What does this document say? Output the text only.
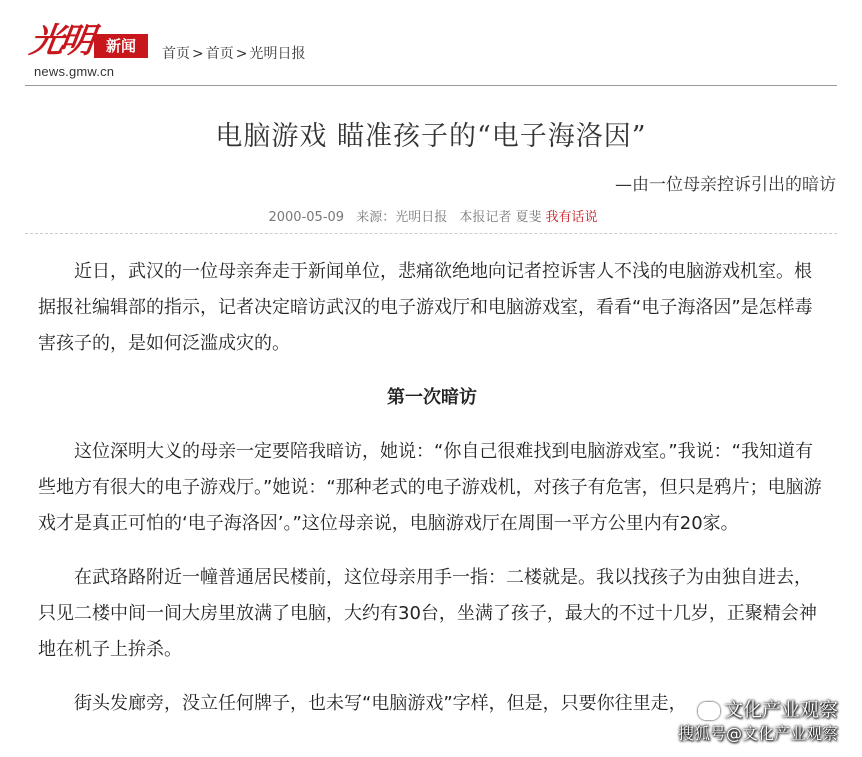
光明 新闻
news.gmw.cn
首页 > 首页 > 光明日报
电脑游戏 瞄准孩子的“电子海洛因”
—由一位母亲控诉引出的暗访
2000-05-09 来源：光明日报 本报记者 夏斐 我有话说

近日，武汉的一位母亲奔走于新闻单位，悲痛欲绝地向记者控诉害人不浅的电脑游戏机室。根据报社编辑部的指示，记者决定暗访武汉的电子游戏厅和电脑游戏室，看看“电子海洛因”是怎样毒害孩子的，是如何泛滥成灾的。

第一次暗访

这位深明大义的母亲一定要陪我暗访，她说：“你自己很难找到电脑游戏室。”我说：“我知道有些地方有很大的电子游戏厅。”她说：“那种老式的电子游戏机，对孩子有危害，但只是鸦片；电脑游戏才是真正可怕的‘电子海洛因’。”这位母亲说，电脑游戏厅在周围一平方公里内有20家。

在武珞路附近一幢普通居民楼前，这位母亲用手一指：二楼就是。我以找孩子为由独自进去，只见二楼中间一间大房里放满了电脑，大约有30台，坐满了孩子，最大的不过十几岁，正聚精会神地在机子上拚杀。

街头发廊旁，没立任何牌子，也未写“电脑游戏”字样，但是，只要你往里走，	文化产业观察
搜狐号@文化产业观察
